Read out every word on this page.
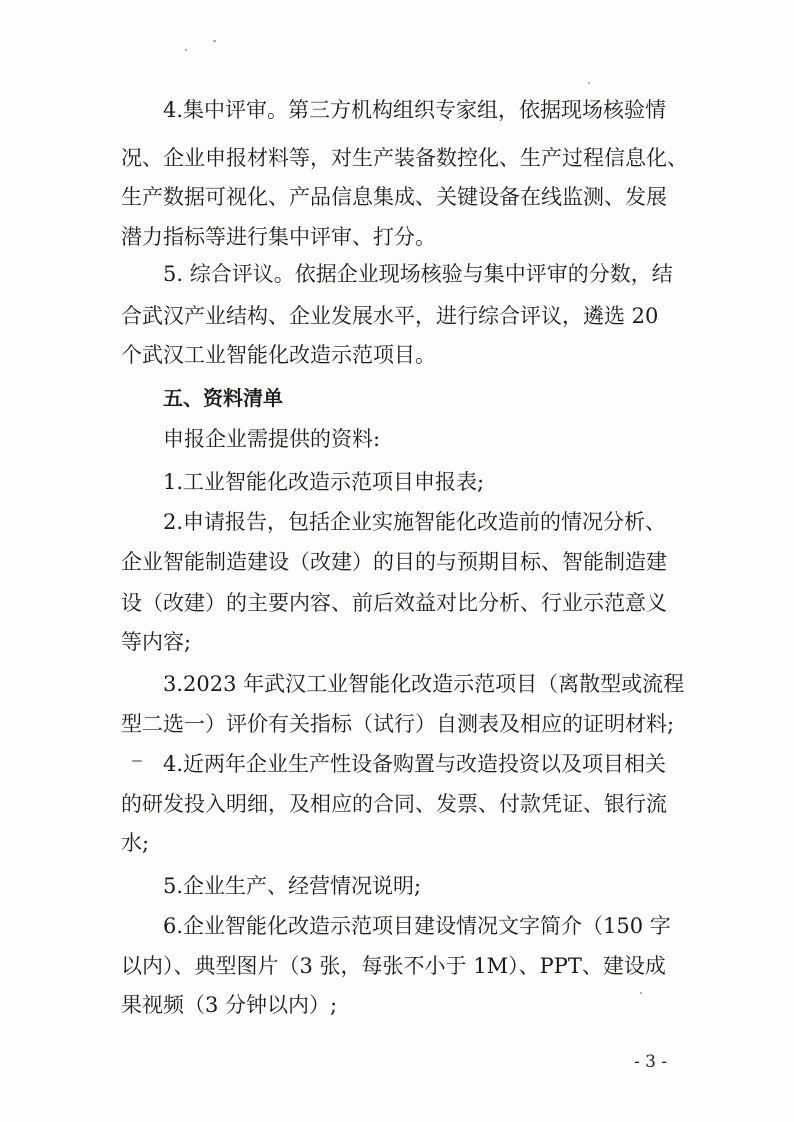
4.集中评审。第三方机构组织专家组，依据现场核验情
况、企业申报材料等，对生产装备数控化、生产过程信息化、
生产数据可视化、产品信息集成、关键设备在线监测、发展
潜力指标等进行集中评审、打分。
5. 综合评议。依据企业现场核验与集中评审的分数，结
合武汉产业结构、企业发展水平，进行综合评议，遴选 20
个武汉工业智能化改造示范项目。
五、资料清单
申报企业需提供的资料:
1.工业智能化改造示范项目申报表;
2.申请报告，包括企业实施智能化改造前的情况分析、
企业智能制造建设（改建）的目的与预期目标、智能制造建
设（改建）的主要内容、前后效益对比分析、行业示范意义
等内容;
3.2023 年武汉工业智能化改造示范项目（离散型或流程
型二选一）评价有关指标（试行）自测表及相应的证明材料;
4.近两年企业生产性设备购置与改造投资以及项目相关
的研发投入明细，及相应的合同、发票、付款凭证、银行流
水;
5.企业生产、经营情况说明;
6.企业智能化改造示范项目建设情况文字简介（150 字
以内）、典型图片（3 张，每张不小于 1M）、PPT、建设成
果视频（3 分钟以内）;
- 3 -
